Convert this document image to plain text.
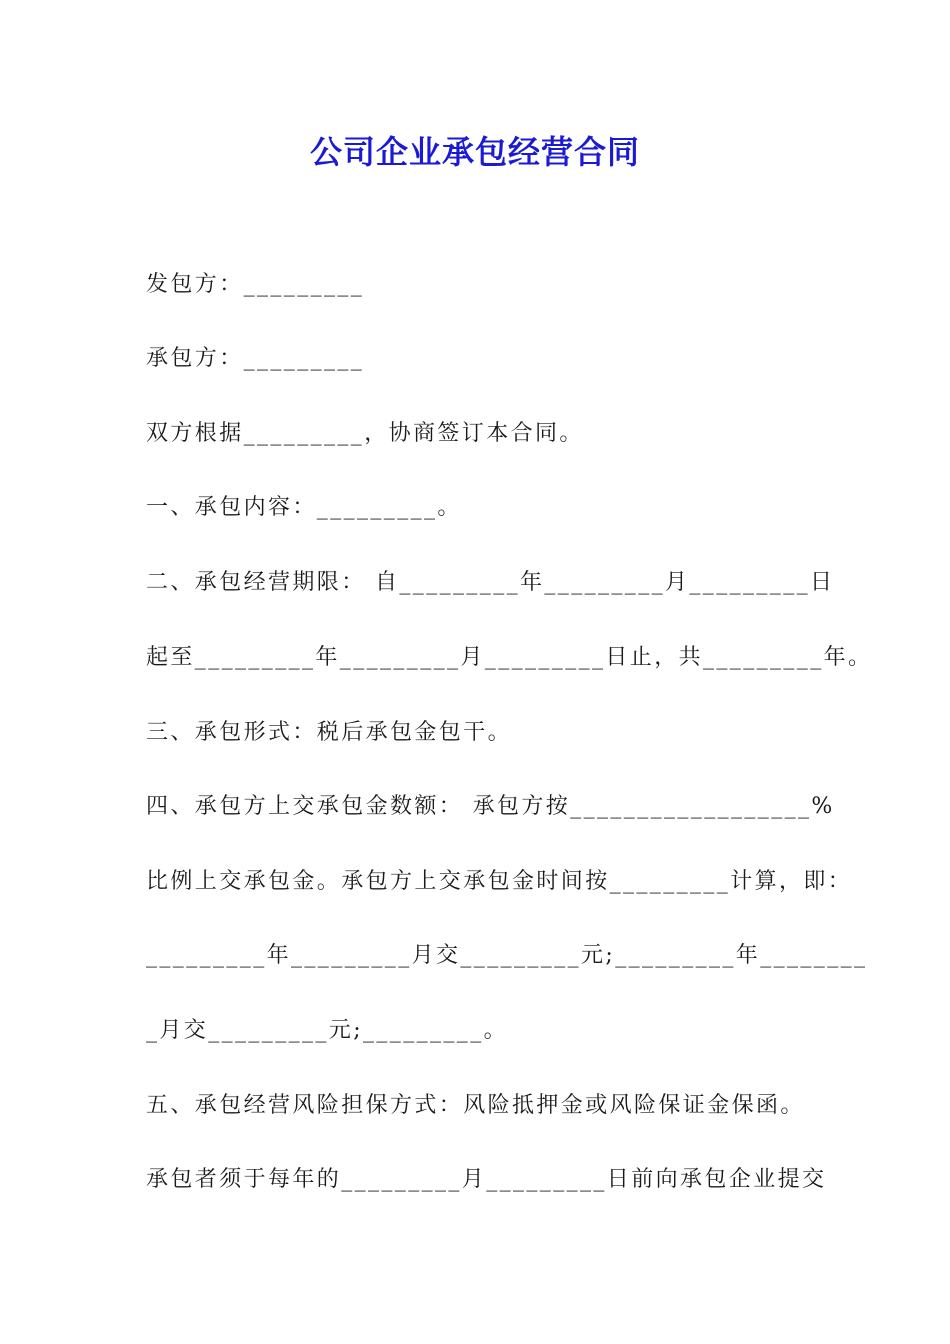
公司企业承包经营合同
发包方：_________
承包方：_________
双方根据_________，协商签订本合同。
一、承包内容：_________。
二、承包经营期限： 自_________年_________月_________日
起至_________年_________月_________日止，共_________年。
三、承包形式：税后承包金包干。
四、承包方上交承包金数额： 承包方按__________________%
比例上交承包金。承包方上交承包金时间按_________计算，即：
_________年_________月交_________元;_________年________
_月交_________元;_________。
五、承包经营风险担保方式：风险抵押金或风险保证金保函。
承包者须于每年的_________月_________日前向承包企业提交
